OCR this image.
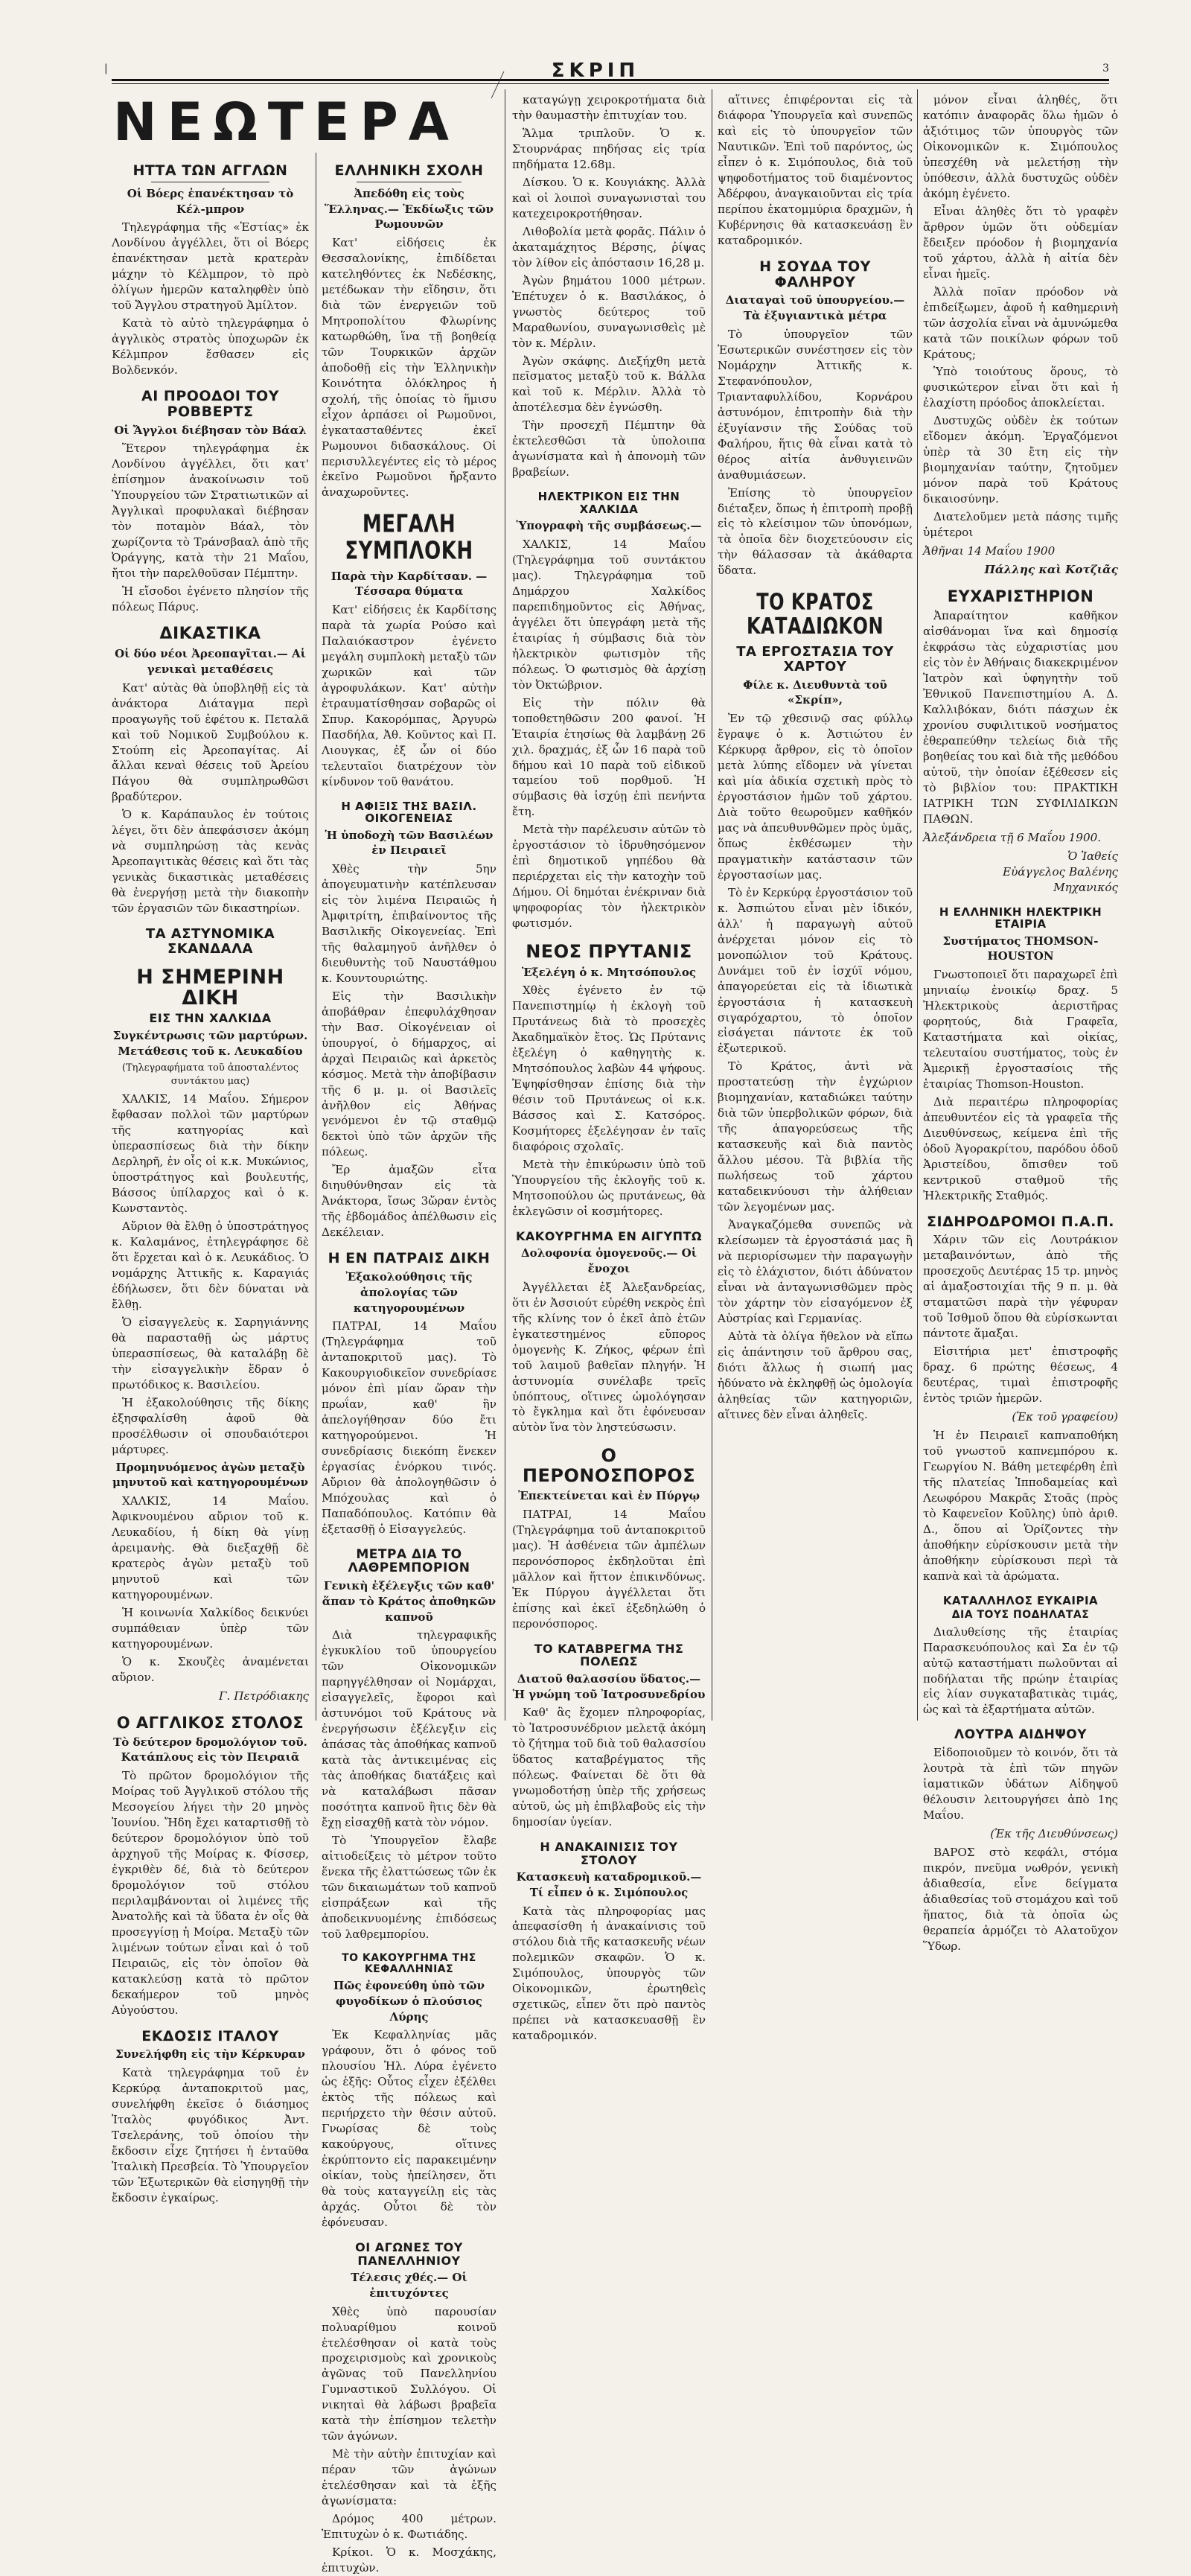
|	ΣΚΡΙΠ	3
ΝΕΩΤΕΡΑ
ΗΤΤΑ ΤΩΝ ΑΓΓΛΩΝ
Οἱ Βόερς ἐπανέκτησαν τὸ Κέλ-μπρον

Τηλεγράφημα τῆς «Ἑστίας» ἐκ Λονδίνου ἀγγέλλει, ὅτι οἱ Βόερς ἐπανέκτησαν μετὰ κρατερὰν μάχην τὸ Κέλμπρον, τὸ πρὸ ὀλίγων ἡμερῶν καταληφθὲν ὑπὸ τοῦ Ἄγγλου στρατηγοῦ Ἀμίλτον.

Κατὰ τὸ αὐτὸ τηλεγράφημα ὁ ἀγγλικὸς στρατὸς ὑποχωρῶν ἐκ Κέλμπρον ἔσθασεν εἰς Βολδενκόν.

ΑΙ ΠΡΟΟΔΟΙ ΤΟΥ ΡΟΒΒΕΡΤΣ
Οἱ Ἄγγλοι διέβησαν τὸν Βάαλ

Ἕτερον τηλεγράφημα ἐκ Λονδίνου ἀγγέλλει, ὅτι κατ' ἐπίσημον ἀνακοίνωσιν τοῦ Ὑπουργείου τῶν Στρατιωτικῶν αἱ Ἀγγλικαὶ προφυλακαὶ διέβησαν τὸν ποταμὸν Βάαλ, τὸν χωρίζοντα τὸ Τράνσβααλ ἀπὸ τῆς Ὀράγγης, κατὰ τὴν 21 Μαΐου, ἤτοι τὴν παρελθοῦσαν Πέμπτην.

Ἡ εἴσοδοι ἐγένετο πλησίον τῆς πόλεως Πάρυς.

ΔΙΚΑΣΤΙΚΑ
Οἱ δύο νέοι Ἀρεοπαγῖται.— Αἱ γενικαὶ μεταθέσεις

Κατ' αὐτὰς θὰ ὑποβληθῇ εἰς τὰ ἀνάκτορα Διάταγμα περὶ προαγωγῆς τοῦ ἐφέτου κ. Πεταλᾶ καὶ τοῦ Νομικοῦ Συμβούλου κ. Στούπη εἰς Ἀρεοπαγίτας. Αἱ ἄλλαι κεναὶ θέσεις τοῦ Ἀρείου Πάγου θὰ συμπληρωθῶσι βραδύτερον.

Ὁ κ. Καράπαυλος ἐν τούτοις λέγει, ὅτι δὲν ἀπεφάσισεν ἀκόμη νὰ συμπληρώσῃ τὰς κενὰς Ἀρεοπαγιτικὰς θέσεις καὶ ὅτι τὰς γενικὰς δικαστικὰς μεταθέσεις θὰ ἐνεργήσῃ μετὰ τὴν διακοπὴν τῶν ἐργασιῶν τῶν δικαστηρίων.

ΤΑ ΑΣΤΥΝΟΜΙΚΑ ΣΚΑΝΔΑΛΑ
Η ΣΗΜΕΡΙΝΗ ΔΙΚΗ
ΕΙΣ ΤΗΝ ΧΑΛΚΙΔΑ
Συγκέντρωσις τῶν μαρτύρων. Μετάθεσις τοῦ κ. Λευκαδίου
(Τηλεγραφήματα τοῦ ἀποσταλέντος συντάκτου μας)

ΧΑΛΚΙΣ, 14 Μαΐου. Σήμερον ἔφθασαν πολλοὶ τῶν μαρτύρων τῆς κατηγορίας καὶ ὑπερασπίσεως διὰ τὴν δίκην Δερληρῆ, ἐν οἷς οἱ κ.κ. Μυκώνιος, ὑποστράτηγος καὶ βουλευτής, Βάσσος ὑπίλαρχος καὶ ὁ κ. Κωνσταντὸς.

Αὔριον θὰ ἔλθῃ ὁ ὑποστράτηγος κ. Καλαμάνος, ἐτηλεγράφησε δὲ ὅτι ἔρχεται καὶ ὁ κ. Λευκάδιος. Ὁ νομάρχης Ἀττικῆς κ. Καραγιάς ἐδήλωσεν, ὅτι δὲν δύναται νὰ ἔλθῃ.

Ὁ εἰσαγγελεὺς κ. Σαρηγιάννης θὰ παρασταθῇ ὡς μάρτυς ὑπερασπίσεως, θὰ καταλάβῃ δὲ τὴν εἰσαγγελικὴν ἕδραν ὁ πρωτόδικος κ. Βασιλείου.

Ἡ ἐξακολούθησις τῆς δίκης ἐξησφαλίσθη ἀφοῦ θὰ προσέλθωσιν οἱ σπουδαιότεροι μάρτυρες.

Προμηνυόμενος ἀγὼν μεταξὺ μηνυτοῦ καὶ κατηγορουμένων

ΧΑΛΚΙΣ, 14 Μαΐου. Ἀφικνουμένου αὔριον τοῦ κ. Λευκαδίου, ἡ δίκη θὰ γίνῃ ἀρειμανὴς. Θὰ διεξαχθῇ δὲ κρατερὸς ἀγὼν μεταξὺ τοῦ μηνυτοῦ καὶ τῶν κατηγορουμένων.

Ἡ κοινωνία Χαλκίδος δεικνύει συμπάθειαν ὑπὲρ τῶν κατηγορουμένων.

Ὁ κ. Σκουζὲς ἀναμένεται αὔριον.

Γ. Πετρόδιακης

Ο ΑΓΓΛΙΚΟΣ ΣΤΟΛΟΣ
Τὸ δεύτερον δρομολόγιον τοῦ. Κατάπλους εἰς τὸν Πειραιᾶ

Τὸ πρῶτον δρομολόγιον τῆς Μοίρας τοῦ Ἀγγλικοῦ στόλου τῆς Μεσογείου λήγει τὴν 20 μηνὸς Ἰουνίου. Ἤδη ἔχει καταρτισθῇ τὸ δεύτερον δρομολόγιον ὑπὸ τοῦ ἀρχηγοῦ τῆς Μοίρας κ. Φίσσερ, ἐγκριθὲν δέ, διὰ τὸ δεύτερον δρομολόγιον τοῦ στόλου περιλαμβάνονται οἱ λιμένες τῆς Ἀνατολῆς καὶ τὰ ὕδατα ἐν οἷς θὰ προσεγγίσῃ ἡ Μοίρα. Μεταξὺ τῶν λιμένων τούτων εἶναι καὶ ὁ τοῦ Πειραιῶς, εἰς τὸν ὁποῖον θὰ κατακλεύσῃ κατὰ τὸ πρῶτον δεκαήμερον τοῦ μηνὸς Αὐγούστου.

ΕΚΔΟΣΙΣ ΙΤΑΛΟΥ
Συνελήφθη εἰς τὴν Κέρκυραν

Κατὰ τηλεγράφημα τοῦ ἐν Κερκύρᾳ ἀνταποκριτοῦ μας, συνελήφθη ἐκεῖσε ὁ διάσημος Ἰταλὸς φυγόδικος Ἀντ. Τσελεράνης, τοῦ ὁποίου τὴν ἔκδοσιν εἶχε ζητήσει ἡ ἐνταῦθα Ἰταλικὴ Πρεσβεία. Τὸ Ὑπουργεῖον τῶν Ἐξωτερικῶν θὰ εἰσηγηθῇ τὴν ἔκδοσιν ἐγκαίρως.

ΕΛΛΗΝΙΚΗ ΣΧΟΛΗ
Ἀπεδόθη εἰς τοὺς Ἕλληνας.— Ἐκδίωξις τῶν Ρωμουνῶν

Κατ' εἰδήσεις ἐκ Θεσσαλονίκης, ἐπιδίδεται κατεληθόντες ἐκ Νεδέσκης, μετέδωκαν τὴν εἴδησιν, ὅτι διὰ τῶν ἐνεργειῶν τοῦ Μητροπολίτου Φλωρίνης κατωρθώθη, ἵνα τῇ βοηθείᾳ τῶν Τουρκικῶν ἀρχῶν ἀποδοθῇ εἰς τὴν Ἑλληνικὴν Κοινότητα ὁλόκληρος ἡ σχολή, τῆς ὁποίας τὸ ἥμισυ εἶχον ἁρπάσει οἱ Ρωμοῦνοι, ἐγκατασταθέντες ἐκεῖ Ρωμουνοι διδασκάλους. Οἱ περισυλλεγέντες εἰς τὸ μέρος ἐκεῖνο Ρωμοῦνοι ἤρξαντο ἀναχωροῦντες.

ΜΕΓΑΛΗ ΣΥΜΠΛΟΚΗ
Παρὰ τὴν Καρδίτσαν. — Τέσσαρα θύματα

Κατ' εἰδήσεις ἐκ Καρδίτσης παρὰ τὰ χωρία Ρούσο καὶ Παλαιόκαστρον ἐγένετο μεγάλη συμπλοκὴ μεταξὺ τῶν χωρικῶν καὶ τῶν ἀγροφυλάκων. Κατ' αὐτὴν ἐτραυματίσθησαν σοβαρῶς οἱ Σπυρ. Κακορόμπας, Ἀργυρὼ Πασδήλα, Ἀθ. Κοῦντος καὶ Π. Λιουγκας, ἐξ ὧν οἱ δύο τελευταῖοι διατρέχουν τὸν κίνδυνον τοῦ θανάτου.

Η ΑΦΙΞΙΣ ΤΗΣ ΒΑΣΙΛ. ΟΙΚΟΓΕΝΕΙΑΣ
Ἡ ὑποδοχὴ τῶν Βασιλέων ἐν Πειραιεῖ

Χθὲς τὴν 5ην ἀπογευματινὴν κατέπλευσαν εἰς τὸν λιμένα Πειραιῶς ἡ Ἀμφιτρίτη, ἐπιβαίνοντος τῆς Βασιλικῆς Οἰκογενείας. Ἐπὶ τῆς θαλαμηγοῦ ἀνῆλθεν ὁ διευθυντὴς τοῦ Ναυστάθμου κ. Κουντουριώτης.

Εἰς τὴν Βασιλικὴν ἀποβάθραν ἐπεφυλάχθησαν τὴν Βασ. Οἰκογένειαν οἱ ὑπουργοί, ὁ δήμαρχος, αἱ ἀρχαὶ Πειραιῶς καὶ ἀρκετὸς κόσμος. Μετὰ τὴν ἀποβίβασιν τῆς 6 μ. μ. οἱ Βασιλεῖς ἀνῆλθον εἰς Ἀθήνας γενόμενοι ἐν τῷ σταθμῷ δεκτοὶ ὑπὸ τῶν ἀρχῶν τῆς πόλεως.

Ἔρ ἀμαξῶν εἶτα διηυθύνθησαν εἰς τὰ Ἀνάκτορα, ἴσως 3ὥραν ἐντὸς τῆς ἑβδομάδος ἀπέλθωσιν εἰς Δεκέλειαν.

Η ΕΝ ΠΑΤΡΑΙΣ ΔΙΚΗ
Ἐξακολούθησις τῆς ἀπολογίας τῶν κατηγορουμένων

ΠΑΤΡΑΙ, 14 Μαΐου (Τηλεγράφημα τοῦ ἀνταποκριτοῦ μας). Τὸ Κακουργιοδικεῖον συνεδρίασε μόνον ἐπὶ μίαν ὥραν τὴν πρωΐαν, καθ' ἣν ἀπελογήθησαν δύο ἔτι κατηγορούμενοι. Ἡ συνεδρίασις διεκόπη ἕνεκεν ἐργασίας ἐνόρκου τινός. Αὔριον θὰ ἀπολογηθῶσιν ὁ Μπόχουλας καὶ ὁ Παπαδόπουλος. Κατόπιν θὰ ἐξετασθῇ ὁ Εἰσαγγελεύς.

ΜΕΤΡΑ ΔΙΑ ΤΟ ΛΑΘΡΕΜΠΟΡΙΟΝ
Γενικὴ ἐξέλεγξις τῶν καθ' ἅπαν τὸ Κράτος ἀποθηκῶν καπνοῦ

Διὰ τηλεγραφικῆς ἐγκυκλίου τοῦ ὑπουργείου τῶν Οἰκονομικῶν παρηγγέλθησαν οἱ Νομάρχαι, εἰσαγγελεῖς, ἔφοροι καὶ ἀστυνόμοι τοῦ Κράτους νὰ ἐνεργήσωσιν ἐξέλεγξιν εἰς ἁπάσας τὰς ἀποθήκας καπνοῦ κατὰ τὰς ἀντικειμένας εἰς τὰς ἀποθήκας διατάξεις καὶ νὰ καταλάβωσι πᾶσαν ποσότητα καπνοῦ ἣτις δὲν θὰ ἔχῃ εἰσαχθῇ κατὰ τὸν νόμον.

Τὸ Ὑπουργεῖον ἔλαβε αἰτιοδείξεις τὸ μέτρον τοῦτο ἕνεκα τῆς ἐλαττώσεως τῶν ἐκ τῶν δικαιωμάτων τοῦ καπνοῦ εἰσπράξεων καὶ τῆς ἀποδεικνυομένης ἐπιδόσεως τοῦ λαθρεμπορίου.

ΤΟ ΚΑΚΟΥΡΓΗΜΑ ΤΗΣ ΚΕΦΑΛΛΗΝΙΑΣ
Πῶς ἐφονεύθη ὑπὸ τῶν φυγοδίκων ὁ πλούσιος Λύρης

Ἐκ Κεφαλληνίας μᾶς γράφουν, ὅτι ὁ φόνος τοῦ πλουσίου Ἠλ. Λύρα ἐγένετο ὡς ἑξῆς: Οὗτος εἶχεν ἐξέλθει ἐκτὸς τῆς πόλεως καὶ περιήρχετο τὴν θέσιν αὐτοῦ. Γνωρίσας δὲ τοὺς κακούργους, οἵτινες ἐκρύπτοντο εἰς παρακειμένην οἰκίαν, τοὺς ἠπείλησεν, ὅτι θὰ τοὺς καταγγείλῃ εἰς τὰς ἀρχάς. Οὗτοι δὲ τὸν ἐφόνευσαν.

ΟΙ ΑΓΩΝΕΣ ΤΟΥ ΠΑΝΕΛΛΗΝΙΟΥ
Τέλεσις χθές.— Οἱ ἐπιτυχόντες

Χθὲς ὑπὸ παρουσίαν πολυαρίθμου κοινοῦ ἐτελέσθησαν οἱ κατὰ τοὺς προχειρισμοὺς καὶ χρονικοὺς ἀγῶνας τοῦ Πανελληνίου Γυμναστικοῦ Συλλόγου. Οἱ νικηταὶ θὰ λάβωσι βραβεῖα κατὰ τὴν ἐπίσημον τελετὴν τῶν ἀγώνων.

Μὲ τὴν αὐτὴν ἐπιτυχίαν καὶ πέραν τῶν ἀγώνων ἐτελέσθησαν καὶ τὰ ἑξῆς ἀγωνίσματα:

Δρόμος 400 μέτρων. Ἐπιτυχὼν ὁ κ. Φωτιάδης.

Κρίκοι. Ὁ κ. Μοσχάκης, ἐπιτυχὼν.

καταγώγῃ χειροκροτήματα διὰ τὴν θαυμαστὴν ἐπιτυχίαν του.

Ἅλμα τριπλοῦν. Ὁ κ. Στουρνάρας πηδήσας εἰς τρία πηδήματα 12.68μ.

Δίσκου. Ὁ κ. Κουγιάκης. Ἀλλὰ καὶ οἱ λοιποὶ συναγωνισταὶ του κατεχειροκροτήθησαν.

Λιθοβολία μετὰ φορᾶς. Πάλιν ὁ ἀκαταμάχητος Βέρσης, ῥίψας τὸν λίθον εἰς ἀπόστασιν 16,28 μ.

Ἀγὼν βημάτου 1000 μέτρων. Ἐπέτυχεν ὁ κ. Βασιλάκος, ὁ γνωστὸς δεύτερος τοῦ Μαραθωνίου, συναγωνισθεὶς μὲ τὸν κ. Μέρλιν.

Ἀγὼν σκάφης. Διεξήχθη μετὰ πεῖσματος μεταξὺ τοῦ κ. Βάλλα καὶ τοῦ κ. Μέρλιν. Ἀλλὰ τὸ ἀποτέλεσμα δὲν ἐγνώσθη.

Τὴν προσεχῆ Πέμπτην θὰ ἐκτελεσθῶσι τὰ ὑπολοιπα ἀγωνίσματα καὶ ἡ ἀπονομὴ τῶν βραβείων.

ΗΛΕΚΤΡΙΚΟΝ ΕΙΣ ΤΗΝ ΧΑΛΚΙΔΑ
Ὑπογραφὴ τῆς συμβάσεως.—

ΧΑΛΚΙΣ, 14 Μαΐου (Τηλεγράφημα τοῦ συντάκτου μας). Τηλεγράφημα τοῦ Δημάρχου Χαλκίδος παρεπιδημοῦντος εἰς Ἀθήνας, ἀγγέλει ὅτι ὑπεγράφη μετὰ τῆς ἑταιρίας ἡ σύμβασις διὰ τὸν ἠλεκτρικὸν φωτισμὸν τῆς πόλεως. Ὁ φωτισμὸς θὰ ἀρχίσῃ τὸν Ὀκτώβριον.

Εἰς τὴν πόλιν θὰ τοποθετηθῶσιν 200 φανοί. Ἡ Ἑταιρία ἐτησίως θὰ λαμβάνῃ 26 χιλ. δραχμάς, ἐξ ὧν 16 παρὰ τοῦ δήμου καὶ 10 παρὰ τοῦ εἰδικοῦ ταμείου τοῦ πορθμοῦ. Ἡ σύμβασις θὰ ἰσχύῃ ἐπὶ πενήντα ἔτη.

Μετὰ τὴν παρέλευσιν αὐτῶν τὸ ἐργοστάσιον τὸ ἱδρυθησόμενον ἐπὶ δημοτικοῦ γηπέδου θὰ περιέρχεται εἰς τὴν κατοχὴν τοῦ Δήμου. Οἱ δημόται ἐνέκριναν διὰ ψηφοφορίας τὸν ἠλεκτρικὸν φωτισμόν.

ΝΕΟΣ ΠΡΥΤΑΝΙΣ
Ἐξελέγη ὁ κ. Μητσόπουλος

Χθὲς ἐγένετο ἐν τῷ Πανεπιστημίῳ ἡ ἐκλογὴ τοῦ Πρυτάνεως διὰ τὸ προσεχὲς Ἀκαδημαϊκὸν ἔτος. Ὡς Πρύτανις ἐξελέγη ὁ καθηγητὴς κ. Μητσόπουλος λαβὼν 44 ψήφους. Ἐψηφίσθησαν ἐπίσης διὰ τὴν θέσιν τοῦ Πρυτάνεως οἱ κ.κ. Βάσσος καὶ Σ. Κατσόρος. Κοσμήτορες ἐξελέγησαν ἐν ταῖς διαφόροις σχολαῖς.

Μετὰ τὴν ἐπικύρωσιν ὑπὸ τοῦ Ὑπουργείου τῆς ἐκλογῆς τοῦ κ. Μητσοπούλου ὡς πρυτάνεως, θὰ ἐκλεγῶσιν οἱ κοσμήτορες.

ΚΑΚΟΥΡΓΗΜΑ ΕΝ ΑΙΓΥΠΤΩ
Δολοφονία ὁμογενοῦς.— Οἱ ἔνοχοι

Ἀγγέλλεται ἐξ Ἀλεξανδρείας, ὅτι ἐν Ἀσσιούτ εὑρέθη νεκρὸς ἐπὶ τῆς κλίνης τον ὁ ἐκεῖ ἀπὸ ἐτῶν ἐγκατεστημένος εὔπορος ὁμογενὴς Κ. Ζήκος, φέρων ἐπὶ τοῦ λαιμοῦ βαθεῖαν πληγήν. Ἡ ἀστυνομία συνέλαβε τρεῖς ὑπόπτους, οἵτινες ὡμολόγησαν τὸ ἔγκλημα καὶ ὅτι ἐφόνευσαν αὐτὸν ἵνα τὸν ληστεύσωσιν.

Ο ΠΕΡΟΝΟΣΠΟΡΟΣ
Ἐπεκτείνεται καὶ ἐν Πύργῳ

ΠΑΤΡΑΙ, 14 Μαΐου (Τηλεγράφημα τοῦ ἀνταποκριτοῦ μας). Ἡ ἀσθένεια τῶν ἀμπέλων περονόσπορος ἐκδηλοῦται ἐπὶ μᾶλλον καὶ ἥττον ἐπικινδύνως. Ἐκ Πύργου ἀγγέλλεται ὅτι ἐπίσης καὶ ἐκεῖ ἐξεδηλώθη ὁ περονόσπορος.

ΤΟ ΚΑΤΑΒΡΕΓΜΑ ΤΗΣ ΠΟΛΕΩΣ
Διατοῦ θαλασσίου ὕδατος.— Ἡ γνώμη τοῦ Ἰατροσυνεδρίου

Καθ' ἃς ἔχομεν πληροφορίας, τὸ Ἰατροσυνέδριον μελετᾷ ἀκόμη τὸ ζήτημα τοῦ διὰ τοῦ θαλασσίου ὕδατος καταβρέγματος τῆς πόλεως. Φαίνεται δὲ ὅτι θὰ γνωμοδοτήσῃ ὑπὲρ τῆς χρήσεως αὐτοῦ, ὡς μὴ ἐπιβλαβοῦς εἰς τὴν δημοσίαν ὑγείαν.

Η ΑΝΑΚΑΙΝΙΣΙΣ ΤΟΥ ΣΤΟΛΟΥ
Κατασκευὴ καταδρομικοῦ.— Τί εἶπεν ὁ κ. Σιμόπουλος

Κατὰ τὰς πληροφορίας μας ἀπεφασίσθη ἡ ἀνακαίνισις τοῦ στόλου διὰ τῆς κατασκευῆς νέων πολεμικῶν σκαφῶν. Ὁ κ. Σιμόπουλος, ὑπουργὸς τῶν Οἰκονομικῶν, ἐρωτηθεὶς σχετικῶς, εἶπεν ὅτι πρὸ παντὸς πρέπει νὰ κατασκευασθῇ ἓν καταδρομικόν.

αἵτινες ἐπιφέρονται εἰς τὰ διάφορα Ὑπουργεῖα καὶ συνεπῶς καὶ εἰς τὸ ὑπουργεῖον τῶν Ναυτικῶν. Ἐπὶ τοῦ παρόντος, ὡς εἶπεν ὁ κ. Σιμόπουλος, διὰ τοῦ ψηφοδοτήματος τοῦ διαμένοντος Ἀδέρφου, ἀναγκαιοῦνται εἰς τρία περίπου ἑκατομμύρια δραχμῶν, ἡ Κυβέρνησις θὰ κατασκευάσῃ ἓν καταδρομικόν.

Η ΣΟΥΔΑ ΤΟΥ ΦΑΛΗΡΟΥ
Διαταγαὶ τοῦ ὑπουργείου.— Τὰ ἐξυγιαντικὰ μέτρα

Τὸ ὑπουργεῖον τῶν Ἐσωτερικῶν συνέστησεν εἰς τὸν Νομάρχην Ἀττικῆς κ. Στεφανόπουλον, Τριανταφυλλίδου, Κορνάρου ἀστυνόμον, ἐπιτροπὴν διὰ τὴν ἐξυγίανσιν τῆς Σούδας τοῦ Φαλήρου, ἥτις θὰ εἶναι κατὰ τὸ θέρος αἰτία ἀνθυγιεινῶν ἀναθυμιάσεων.

Ἐπίσης τὸ ὑπουργεῖον διέταξεν, ὅπως ἡ ἐπιτροπὴ προβῇ εἰς τὸ κλείσιμον τῶν ὑπονόμων, τὰ ὁποῖα δὲν διοχετεύουσιν εἰς τὴν θάλασσαν τὰ ἀκάθαρτα ὕδατα.

ΤΟ ΚΡΑΤΟΣ ΚΑΤΑΔΙΩΚΟΝ
ΤΑ ΕΡΓΟΣΤΑΣΙΑ ΤΟΥ ΧΑΡΤΟΥ
Φίλε κ. Διευθυντὰ τοῦ «Σκρίπ»,

Ἐν τῷ χθεσινῷ σας φύλλῳ ἔγραψε ὁ κ. Ἀστιώτου ἐν Κέρκυρᾳ ἄρθρον, εἰς τὸ ὁποῖον μετὰ λύπης εἴδομεν νὰ γίνεται καὶ μία ἀδικία σχετικὴ πρὸς τὸ ἐργοστάσιον ἡμῶν τοῦ χάρτου. Διὰ τοῦτο θεωροῦμεν καθῆκόν μας νὰ ἀπευθυνθῶμεν πρὸς ὑμᾶς, ὅπως ἐκθέσωμεν τὴν πραγματικὴν κατάστασιν τῶν ἐργοστασίων μας.

Τὸ ἐν Κερκύρᾳ ἐργοστάσιον τοῦ κ. Ἀσπιώτου εἶναι μὲν ἰδικόν, ἀλλ' ἡ παραγωγὴ αὐτοῦ ἀνέρχεται μόνον εἰς τὸ μονοπώλιον τοῦ Κράτους. Δυνάμει τοῦ ἐν ἰσχύϊ νόμου, ἀπαγορεύεται εἰς τὰ ἰδιωτικὰ ἐργοστάσια ἡ κατασκευὴ σιγαρόχαρτου, τὸ ὁποῖον εἰσάγεται πάντοτε ἐκ τοῦ ἐξωτερικοῦ.

Τὸ Κράτος, ἀντὶ νὰ προστατεύσῃ τὴν ἐγχώριον βιομηχανίαν, καταδιώκει ταύτην διὰ τῶν ὑπερβολικῶν φόρων, διὰ τῆς ἀπαγορεύσεως τῆς κατασκευῆς καὶ διὰ παντὸς ἄλλου μέσου. Τὰ βιβλία τῆς πωλήσεως τοῦ χάρτου καταδεικνύουσι τὴν ἀλήθειαν τῶν λεγομένων μας.

Ἀναγκαζόμεθα συνεπῶς νὰ κλείσωμεν τὰ ἐργοστάσιά μας ἢ νὰ περιορίσωμεν τὴν παραγωγὴν εἰς τὸ ἐλάχιστον, διότι ἀδύνατον εἶναι νὰ ἀνταγωνισθῶμεν πρὸς τὸν χάρτην τὸν εἰσαγόμενον ἐξ Αὐστρίας καὶ Γερμανίας.

Αὐτὰ τὰ ὀλίγα ἤθελον νὰ εἴπω εἰς ἀπάντησιν τοῦ ἄρθρου σας, διότι ἄλλως ἡ σιωπή μας ἠδύνατο νὰ ἐκληφθῇ ὡς ὁμολογία ἀληθείας τῶν κατηγοριῶν, αἵτινες δὲν εἶναι ἀληθεῖς.

μόνον εἶναι ἀληθές, ὅτι κατόπιν ἀναφορᾶς ὅλω ἡμῶν ὁ ἀξιότιμος τῶν ὑπουργὸς τῶν Οἰκονομικῶν κ. Σιμόπουλος ὑπεσχέθη νὰ μελετήσῃ τὴν ὑπόθεσιν, ἀλλὰ δυστυχῶς οὐδὲν ἀκόμη ἐγένετο.

Εἶναι ἀληθὲς ὅτι τὸ γραφὲν ἄρθρον ὑμῶν ὅτι οὐδεμίαν ἔδειξεν πρόοδον ἡ βιομηχανία τοῦ χάρτου, ἀλλὰ ἡ αἰτία δὲν εἶναι ἡμεῖς.

Ἀλλὰ ποῖαν πρόοδον νὰ ἐπιδείξωμεν, ἀφοῦ ἡ καθημερινὴ τῶν ἀσχολία εἶναι νὰ ἀμυνώμεθα κατὰ τῶν ποικίλων φόρων τοῦ Κράτους;

Ὑπὸ τοιούτους ὅρους, τὸ φυσικώτερον εἶναι ὅτι καὶ ἡ ἐλαχίστη πρόοδος ἀποκλείεται.

Δυστυχῶς οὐδὲν ἐκ τούτων εἴδομεν ἀκόμη. Ἐργαζόμενοι ὑπὲρ τὰ 30 ἔτη εἰς τὴν βιομηχανίαν ταύτην, ζητοῦμεν μόνον παρὰ τοῦ Κράτους δικαιοσύνην.

Διατελοῦμεν μετὰ πάσης τιμῆς ὑμέτεροι

Ἀθῆναι 14 Μαΐου 1900

Πάλλης καὶ Κοτζιᾶς

ΕΥΧΑΡΙΣΤΗΡΙΟΝ

Ἀπαραίτητον καθῆκον αἰσθάνομαι ἵνα καὶ δημοσίᾳ ἐκφράσω τὰς εὐχαριστίας μου εἰς τὸν ἐν Ἀθήναις διακεκριμένον Ἰατρὸν καὶ ὑφηγητὴν τοῦ Ἐθνικοῦ Πανεπιστημίου Α. Δ. Καλλιβόκαν, διότι πάσχων ἐκ χρονίου συφιλιτικοῦ νοσήματος ἐθεραπεύθην τελείως διὰ τῆς βοηθείας του καὶ διὰ τῆς μεθόδου αὐτοῦ, τὴν ὁποίαν ἐξέθεσεν εἰς τὸ βιβλίον του: ΠΡΑΚΤΙΚΗ ΙΑΤΡΙΚΗ ΤΩΝ ΣΥΦΙΛΙΔΙΚΩΝ ΠΑΘΩΝ.

Ἀλεξάνδρεια τῇ 6 Μαΐου 1900.

Ὁ Ἰαθείς
Εὐάγγελος Βαλένης
Μηχανικός

Η ΕΛΛΗΝΙΚΗ ΗΛΕΚΤΡΙΚΗ ΕΤΑΙΡΙΑ
Συστήματος THOMSON-HOUSTON

Γνωστοποιεῖ ὅτι παραχωρεῖ ἐπὶ μηνιαίῳ ἐνοικίῳ δραχ. 5 Ἠλεκτρικοὺς ἀεριστῆρας φορητούς, διὰ Γραφεῖα, Καταστήματα καὶ οἰκίας, τελευταίου συστήματος, τοὺς ἐν Ἀμερικῇ ἐργοστασίοις τῆς ἑταιρίας Thomson-Houston.

Διὰ περαιτέρω πληροφορίας ἀπευθυντέον εἰς τὰ γραφεῖα τῆς Διευθύνσεως, κείμενα ἐπὶ τῆς ὁδοῦ Ἀγορακρίτου, παρόδου ὁδοῦ Ἀριστείδου, ὄπισθεν τοῦ κεντρικοῦ σταθμοῦ τῆς Ἠλεκτρικῆς Σταθμός.

ΣΙΔΗΡΟΔΡΟΜΟΙ Π.Α.Π.

Χάριν τῶν εἰς Λουτράκιον μεταβαινόντων, ἀπὸ τῆς προσεχοῦς Δευτέρας 15 τρ. μηνὸς αἱ ἁμαξοστοιχίαι τῆς 9 π. μ. θὰ σταματῶσι παρὰ τὴν γέφυραν τοῦ Ἰσθμοῦ ὅπου θὰ εὑρίσκωνται πάντοτε ἅμαξαι.

Εἰσιτήρια μετ' ἐπιστροφῆς δραχ. 6 πρώτης θέσεως, 4 δευτέρας, τιμαὶ ἐπιστροφῆς ἐντὸς τριῶν ἡμερῶν.

(Ἐκ τοῦ γραφείου)

Ἡ ἐν Πειραιεῖ καπναποθήκη τοῦ γνωστοῦ καπνεμπόρου κ. Γεωργίου Ν. Βάθη μετεφέρθη ἐπὶ τῆς πλατείας Ἱπποδαμείας καὶ Λεωφόρου Μακρᾶς Στοᾶς (πρὸς τὸ Καφενεῖον Κοῦλης) ὑπὸ ἀριθ. Δ., ὅπου αἱ Ὁρίζοντες τὴν ἀποθήκην εὑρίσκουσιν μετὰ τὴν ἀποθήκην εὑρίσκουσι περὶ τὰ καπνὰ καὶ τὰ ἀρώματα.

ΚΑΤΑΛΛΗΛΟΣ ΕΥΚΑΙΡΙΑ
ΔΙΑ ΤΟΥΣ ΠΟΔΗΛΑΤΑΣ

Διαλυθείσης τῆς ἑταιρίας Παρασκευόπουλος καὶ Σα ἐν τῷ αὐτῷ καταστήματι πωλοῦνται αἱ ποδήλαται τῆς πρώην ἑταιρίας εἰς λίαν συγκαταβατικὰς τιμάς, ὡς καὶ τὰ ἐξαρτήματα αὐτῶν.

ΛΟΥΤΡΑ ΑΙΔΗΨΟΥ

Εἰδοποιοῦμεν τὸ κοινόν, ὅτι τὰ λουτρὰ τὰ ἐπὶ τῶν πηγῶν ἰαματικῶν ὑδάτων Αἰδηψοῦ θέλουσιν λειτουργήσει ἀπὸ 1ης Μαΐου.

(Ἐκ τῆς Διευθύνσεως)

ΒΑΡΟΣ στὸ κεφάλι, στόμα πικρόν, πνεῦμα νωθρόν, γενικὴ ἀδιαθεσία, εἶνε δείγματα ἀδιαθεσίας τοῦ στομάχου καὶ τοῦ ἥπατος, διὰ τὰ ὁποῖα ὡς θεραπεία ἁρμόζει τὸ Αλατοῦχον Ὕδωρ.
